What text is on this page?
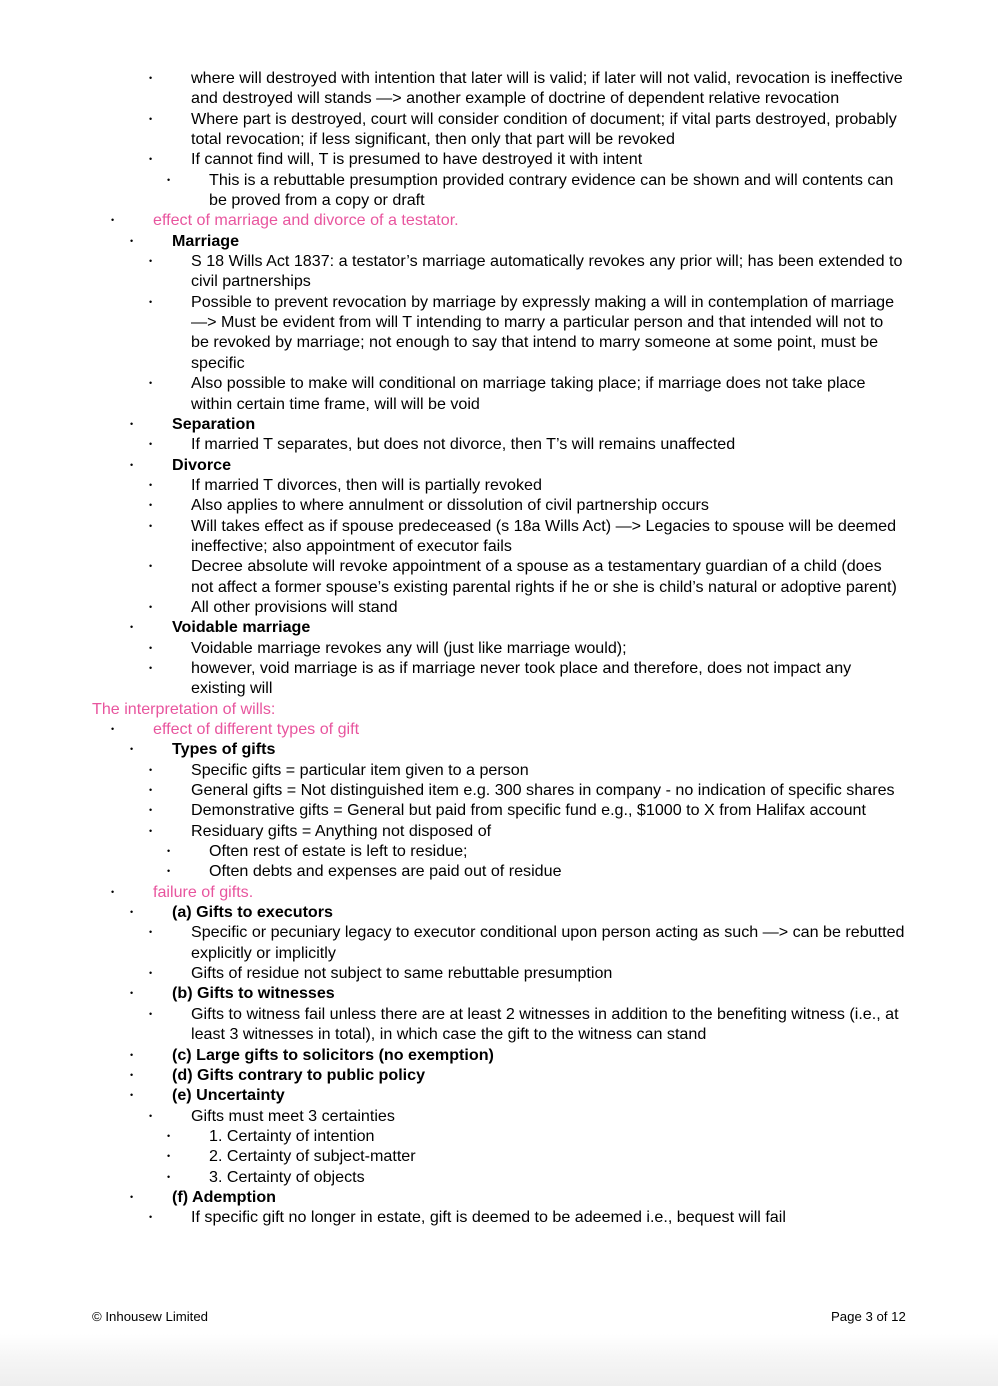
• where will destroyed with intention that later will is valid; if later will not valid, revocation is ineffective and destroyed will stands —> another example of doctrine of dependent relative revocation
• Where part is destroyed, court will consider condition of document; if vital parts destroyed, probably total revocation; if less significant, then only that part will be revoked
• If cannot find will, T is presumed to have destroyed it with intent
• This is a rebuttable presumption provided contrary evidence can be shown and will contents can be proved from a copy or draft
• effect of marriage and divorce of a testator.
• Marriage
• S 18 Wills Act 1837: a testator’s marriage automatically revokes any prior will; has been extended to civil partnerships
• Possible to prevent revocation by marriage by expressly making a will in contemplation of marriage —> Must be evident from will T intending to marry a particular person and that intended will not to be revoked by marriage; not enough to say that intend to marry someone at some point, must be specific
• Also possible to make will conditional on marriage taking place; if marriage does not take place within certain time frame, will will be void
• Separation
• If married T separates, but does not divorce, then T’s will remains unaffected
• Divorce
• If married T divorces, then will is partially revoked
• Also applies to where annulment or dissolution of civil partnership occurs
• Will takes effect as if spouse predeceased (s 18a Wills Act) —> Legacies to spouse will be deemed ineffective; also appointment of executor fails
• Decree absolute will revoke appointment of a spouse as a testamentary guardian of a child (does not affect a former spouse’s existing parental rights if he or she is child’s natural or adoptive parent)
• All other provisions will stand
• Voidable marriage
• Voidable marriage revokes any will (just like marriage would);
• however, void marriage is as if marriage never took place and therefore, does not impact any existing will
The interpretation of wills:
• effect of different types of gift
• Types of gifts
• Specific gifts = particular item given to a person
• General gifts = Not distinguished item e.g. 300 shares in company - no indication of specific shares
• Demonstrative gifts = General but paid from specific fund e.g., $1000 to X from Halifax account
• Residuary gifts = Anything not disposed of
• Often rest of estate is left to residue;
• Often debts and expenses are paid out of residue
• failure of gifts.
• (a) Gifts to executors
• Specific or pecuniary legacy to executor conditional upon person acting as such —> can be rebutted explicitly or implicitly
• Gifts of residue not subject to same rebuttable presumption
• (b) Gifts to witnesses
• Gifts to witness fail unless there are at least 2 witnesses in addition to the benefiting witness (i.e., at least 3 witnesses in total), in which case the gift to the witness can stand
• (c) Large gifts to solicitors (no exemption)
• (d) Gifts contrary to public policy
• (e) Uncertainty
• Gifts must meet 3 certainties
• 1. Certainty of intention
• 2. Certainty of subject-matter
• 3. Certainty of objects
• (f) Ademption
• If specific gift no longer in estate, gift is deemed to be adeemed i.e., bequest will fail
© Inhousew Limited	Page 3 of 12
